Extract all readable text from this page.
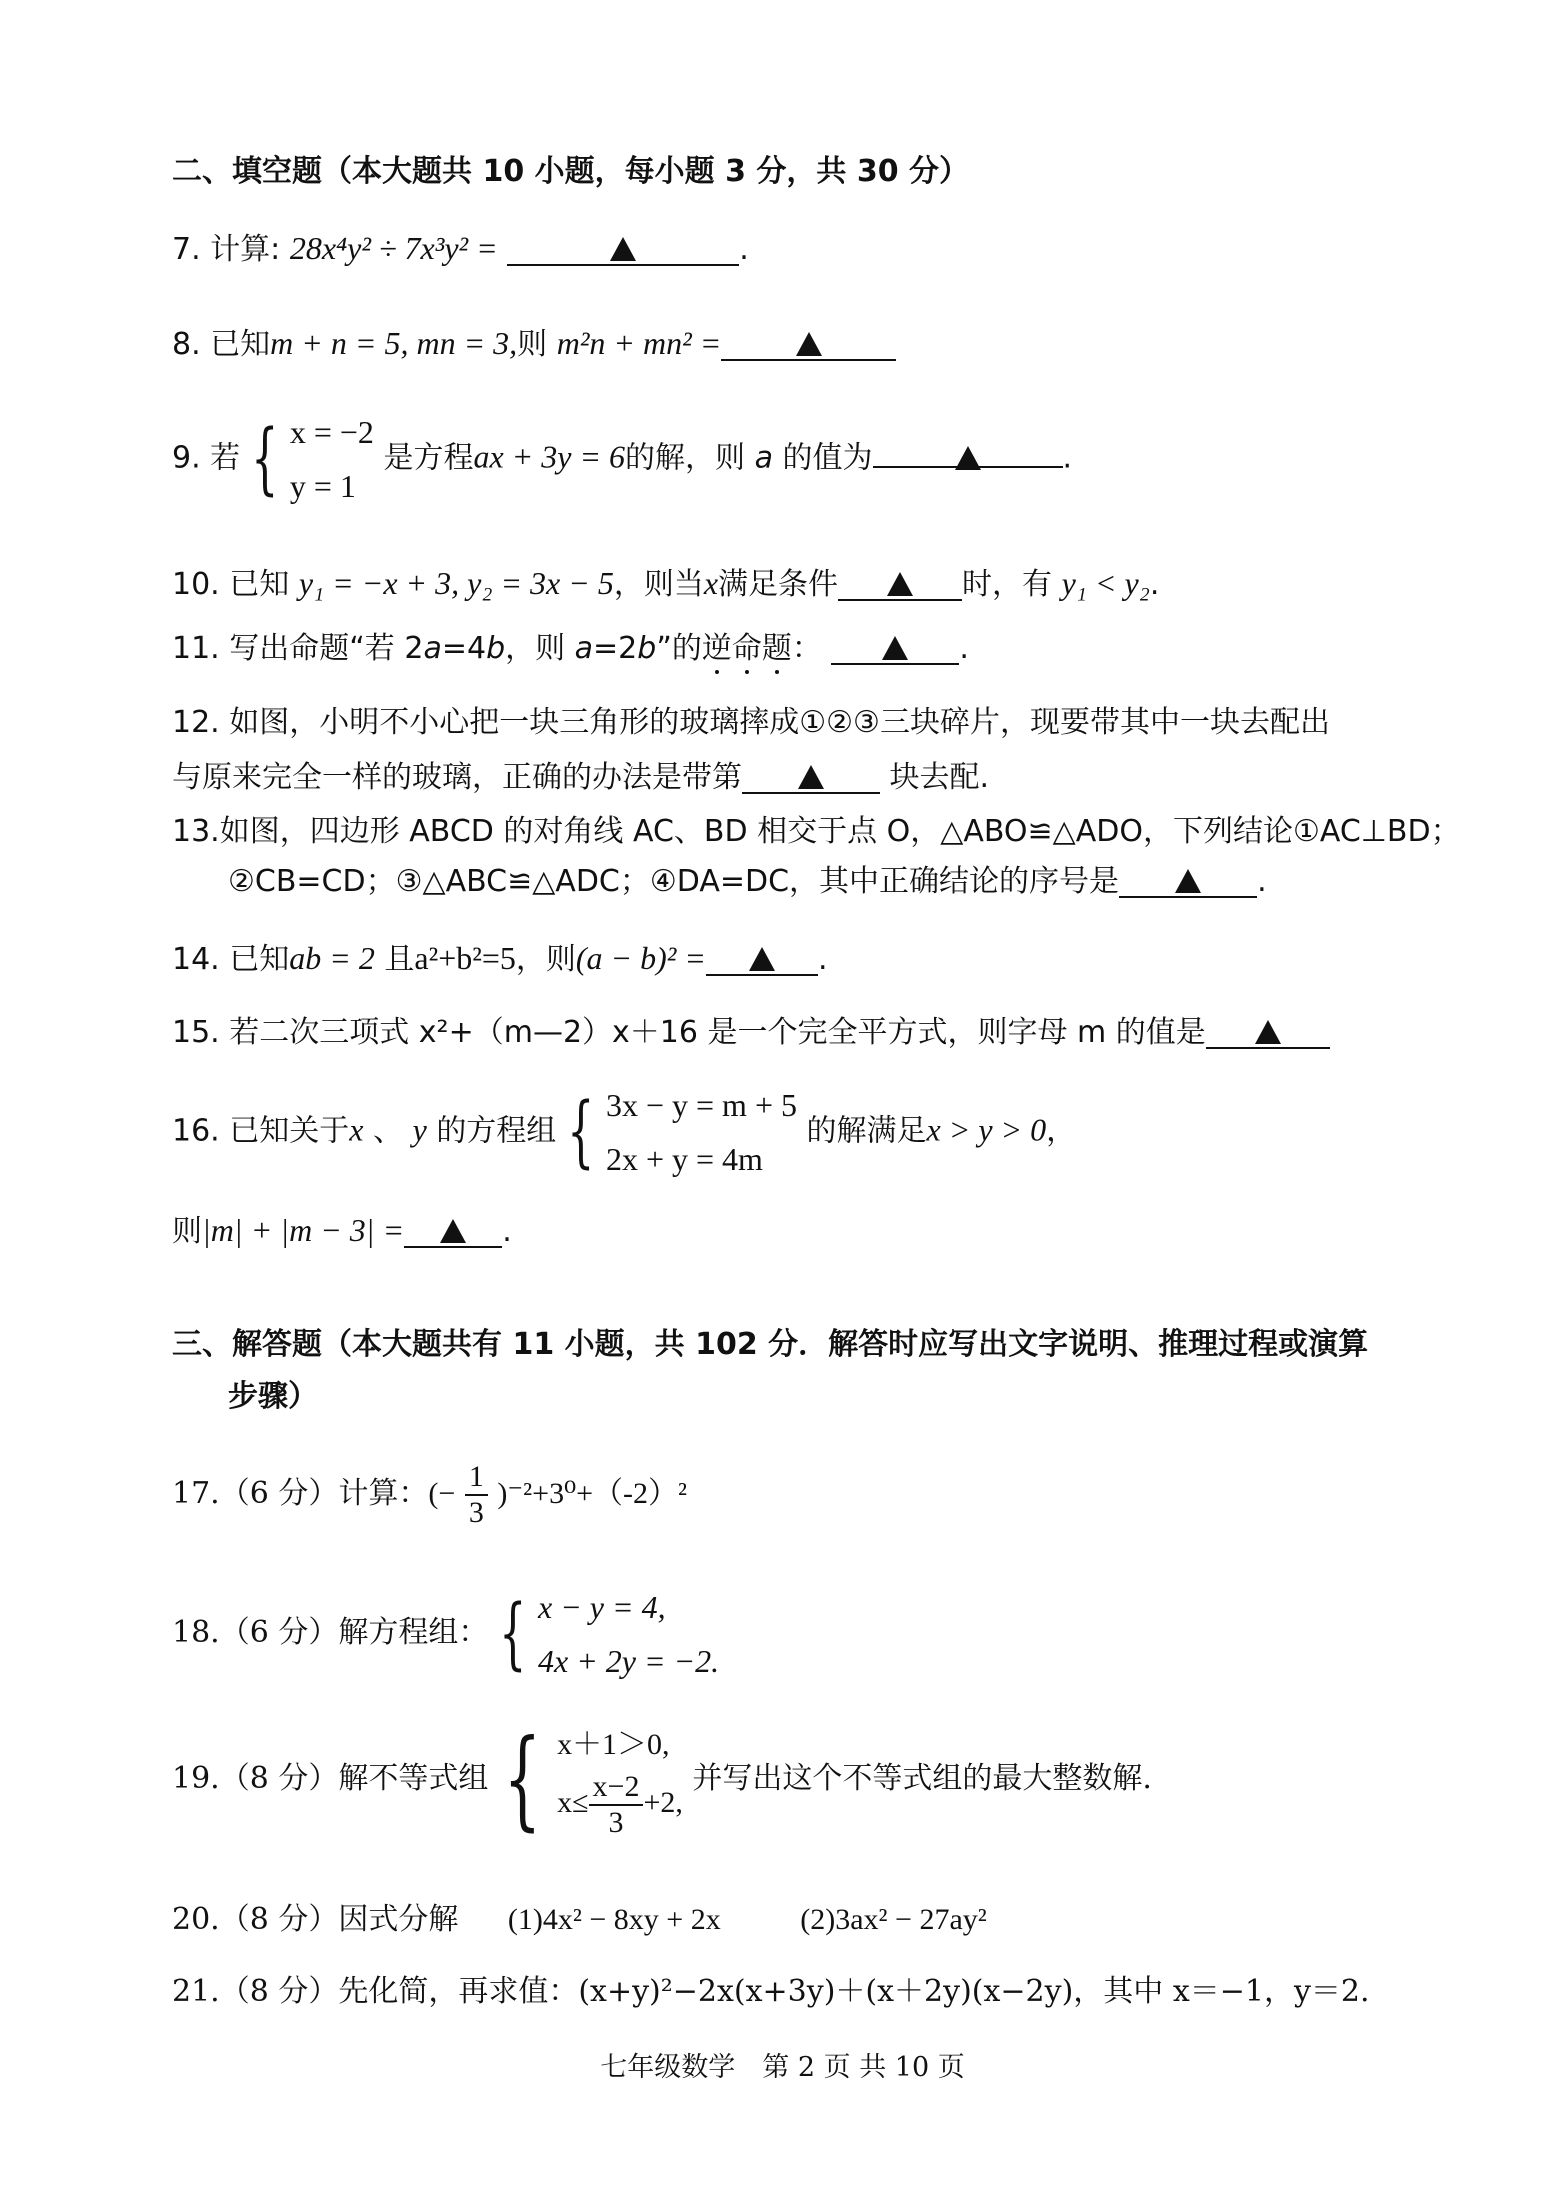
二、填空题（本大题共 10 小题，每小题 3 分，共 30 分）
7. 计算: 28x⁴y² ÷ 7x³y² =	.
8. 已知m + n = 5, mn = 3,则 m²n + mn² =
9. 若 { x = −2
y = 1
是方程ax + 3y = 6的解，则 a 的值为	.
10. 已知 y₁ = −x + 3, y₂ = 3x − 5，则当x满足条件	时，有 y₁ < y₂.
11. 写出命题“若 2a=4b，则 a=2b”的逆命题：	.
12. 如图，小明不小心把一块三角形的玻璃摔成①②③三块碎片，现要带其中一块去配出
与原来完全一样的玻璃，正确的办法是带第	块去配.
13.如图，四边形 ABCD 的对角线 AC、BD 相交于点 O，△ABO≌△ADO，下列结论①AC⊥BD；
②CB=CD；③△ABC≌△ADC；④DA=DC，其中正确结论的序号是	.
14. 已知ab = 2 且a²+b²=5，则(a − b)² =	.
15. 若二次三项式 x²+（m—2）x＋16 是一个完全平方式，则字母 m 的值是
16. 已知关于x 、 y 的方程组 { 3x − y = m + 5
2x + y = 4m
的解满足x > y > 0，
则|m| + |m − 3| =	.
三、解答题（本大题共有 11 小题，共 102 分．解答时应写出文字说明、推理过程或演算
步骤）
17.（6 分）计算：(− $\frac{1}{3} )^{-2}+3^0+(-2)^2$
18.（6 分）解方程组： { x − y = 4,
4x + 2y = −2.
19.（8 分）解不等式组 { x＋1＞0,
$x\le \frac{x-2}{3} +2$,
并写出这个不等式组的最大整数解.
20.（8 分）因式分解 (1)4x² − 8xy + 2x	(2)3ax² − 27ay²
21.（8 分）先化简，再求值：(x+y)²−2x(x+3y)＋(x＋2y)(x−2y)，其中 x＝−1，y＝2.
七年级数学　第 2 页 共 10 页
